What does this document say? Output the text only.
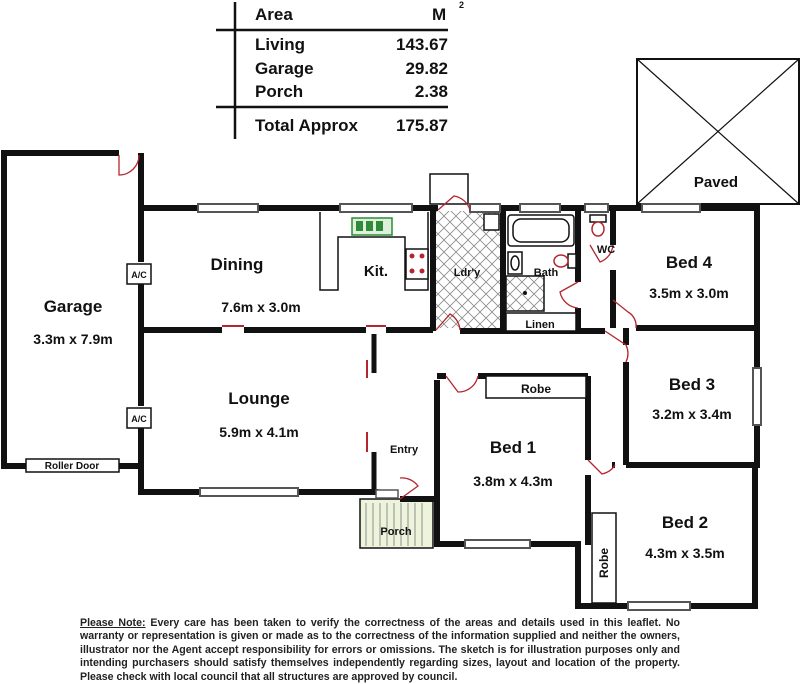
Area	M 2
Living	143.67
Garage	29.82
Porch	2.38
Total Approx	175.87
Garage
3.3m x 7.9m
Dining
7.6m x 3.0m
Kit.	Ldr'y	Bath
WC
Linen
Bed 4
3.5m x 3.0m
Lounge
5.9m x 4.1m
Entry
Porch
Bed 1
3.8m x 4.3m
Robe	Bed 3
3.2m x 3.4m
Bed 2
4.3m x 3.5m
Robe
Paved
A/C
A/C
Roller Door
Please Note: Every care has been taken to verify the correctness of the areas and details used in this leaflet. No warranty or representation is given or made as to the correctness of the information supplied and neither the owners, illustrator nor the Agent accept responsibility for errors or omissions. The sketch is for illustration purposes only and intending purchasers should satisfy themselves independently regarding sizes, layout and location of the property. Please check with local council that all structures are approved by council.
